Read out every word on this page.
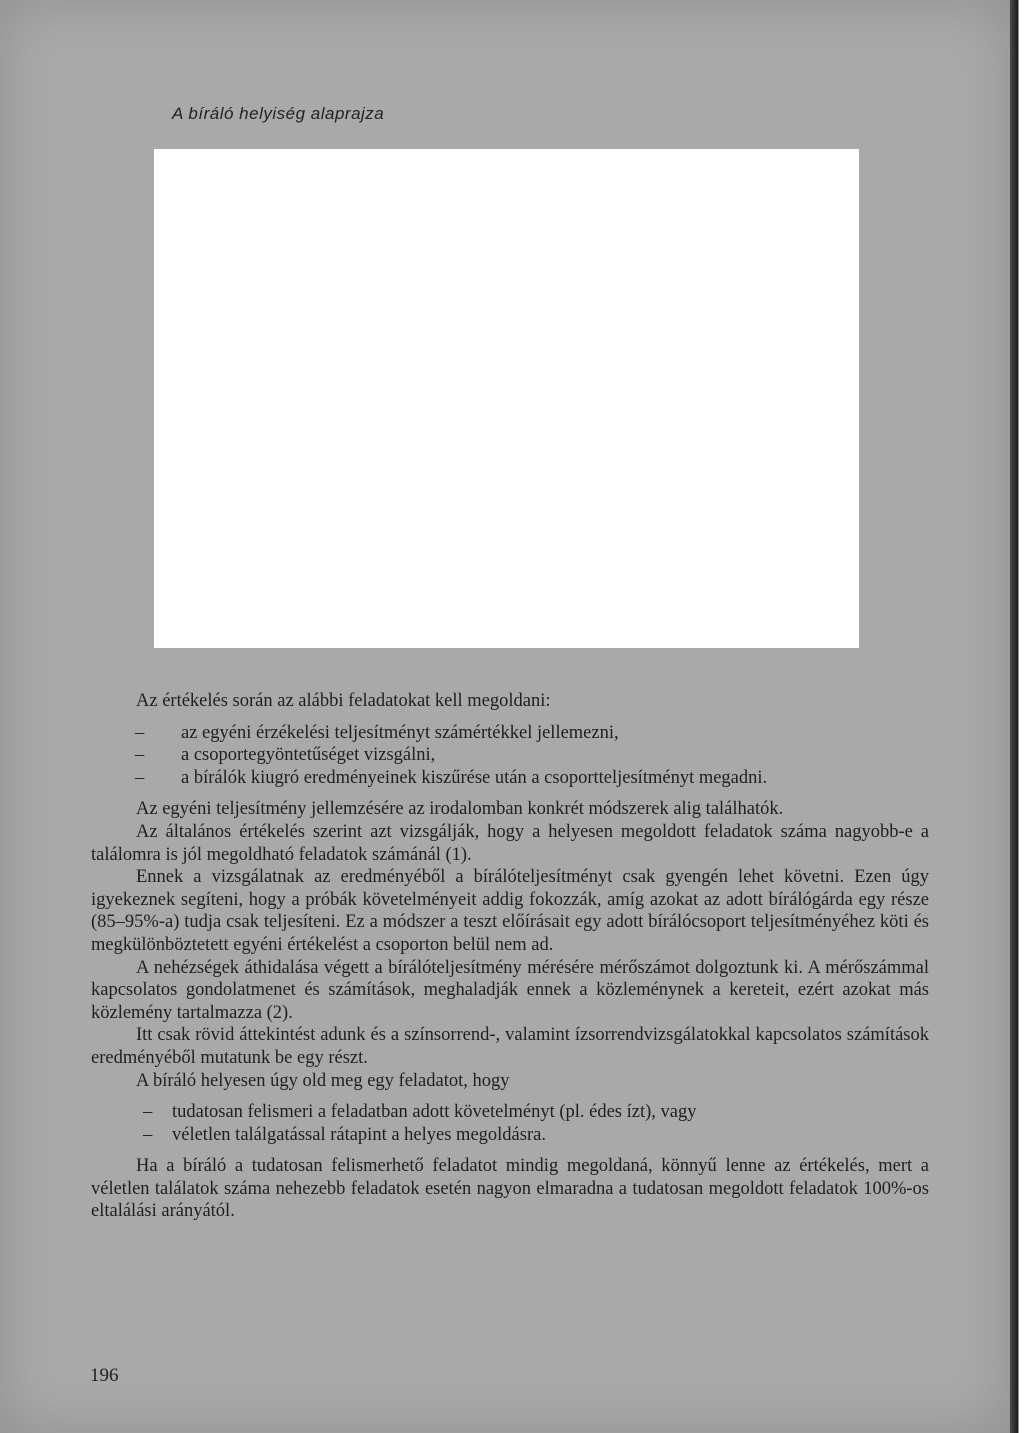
A bíráló helyiség alaprajza

Az értékelés során az alábbi feladatokat kell megoldani:

– az egyéni érzékelési teljesítményt számértékkel jellemezni,
– a csoportegyöntetűséget vizsgálni,
– a bírálók kiugró eredményeinek kiszűrése után a csoportteljesítményt megadni.

Az egyéni teljesítmény jellemzésére az irodalomban konkrét módszerek alig találhatók.

Az általános értékelés szerint azt vizsgálják, hogy a helyesen megoldott feladatok száma nagyobb-e a találomra is jól megoldható feladatok számánál (1).

Ennek a vizsgálatnak az eredményéből a bírálóteljesítményt csak gyengén lehet követni. Ezen úgy igyekeznek segíteni, hogy a próbák követelményeit addig fokozzák, amíg azokat az adott bírálógárda egy része (85–95%-a) tudja csak teljesíteni. Ez a módszer a teszt előírásait egy adott bírálócsoport teljesítményéhez köti és megkülönböztetett egyéni értékelést a csoporton belül nem ad.

A nehézségek áthidalása végett a bírálóteljesítmény mérésére mérőszámot dolgoztunk ki. A mérőszámmal kapcsolatos gondolatmenet és számítások, meghaladják ennek a közleménynek a kereteit, ezért azokat más közlemény tartalmazza (2).

Itt csak rövid áttekintést adunk és a színsorrend-, valamint ízsorrendvizsgálatokkal kapcsolatos számítások eredményéből mutatunk be egy részt.

A bíráló helyesen úgy old meg egy feladatot, hogy

– tudatosan felismeri a feladatban adott követelményt (pl. édes ízt), vagy
– véletlen találgatással rátapint a helyes megoldásra.

Ha a bíráló a tudatosan felismerhető feladatot mindig megoldaná, könnyű lenne az értékelés, mert a véletlen találatok száma nehezebb feladatok esetén nagyon elmaradna a tudatosan megoldott feladatok 100%-os eltalálási arányától.

196
